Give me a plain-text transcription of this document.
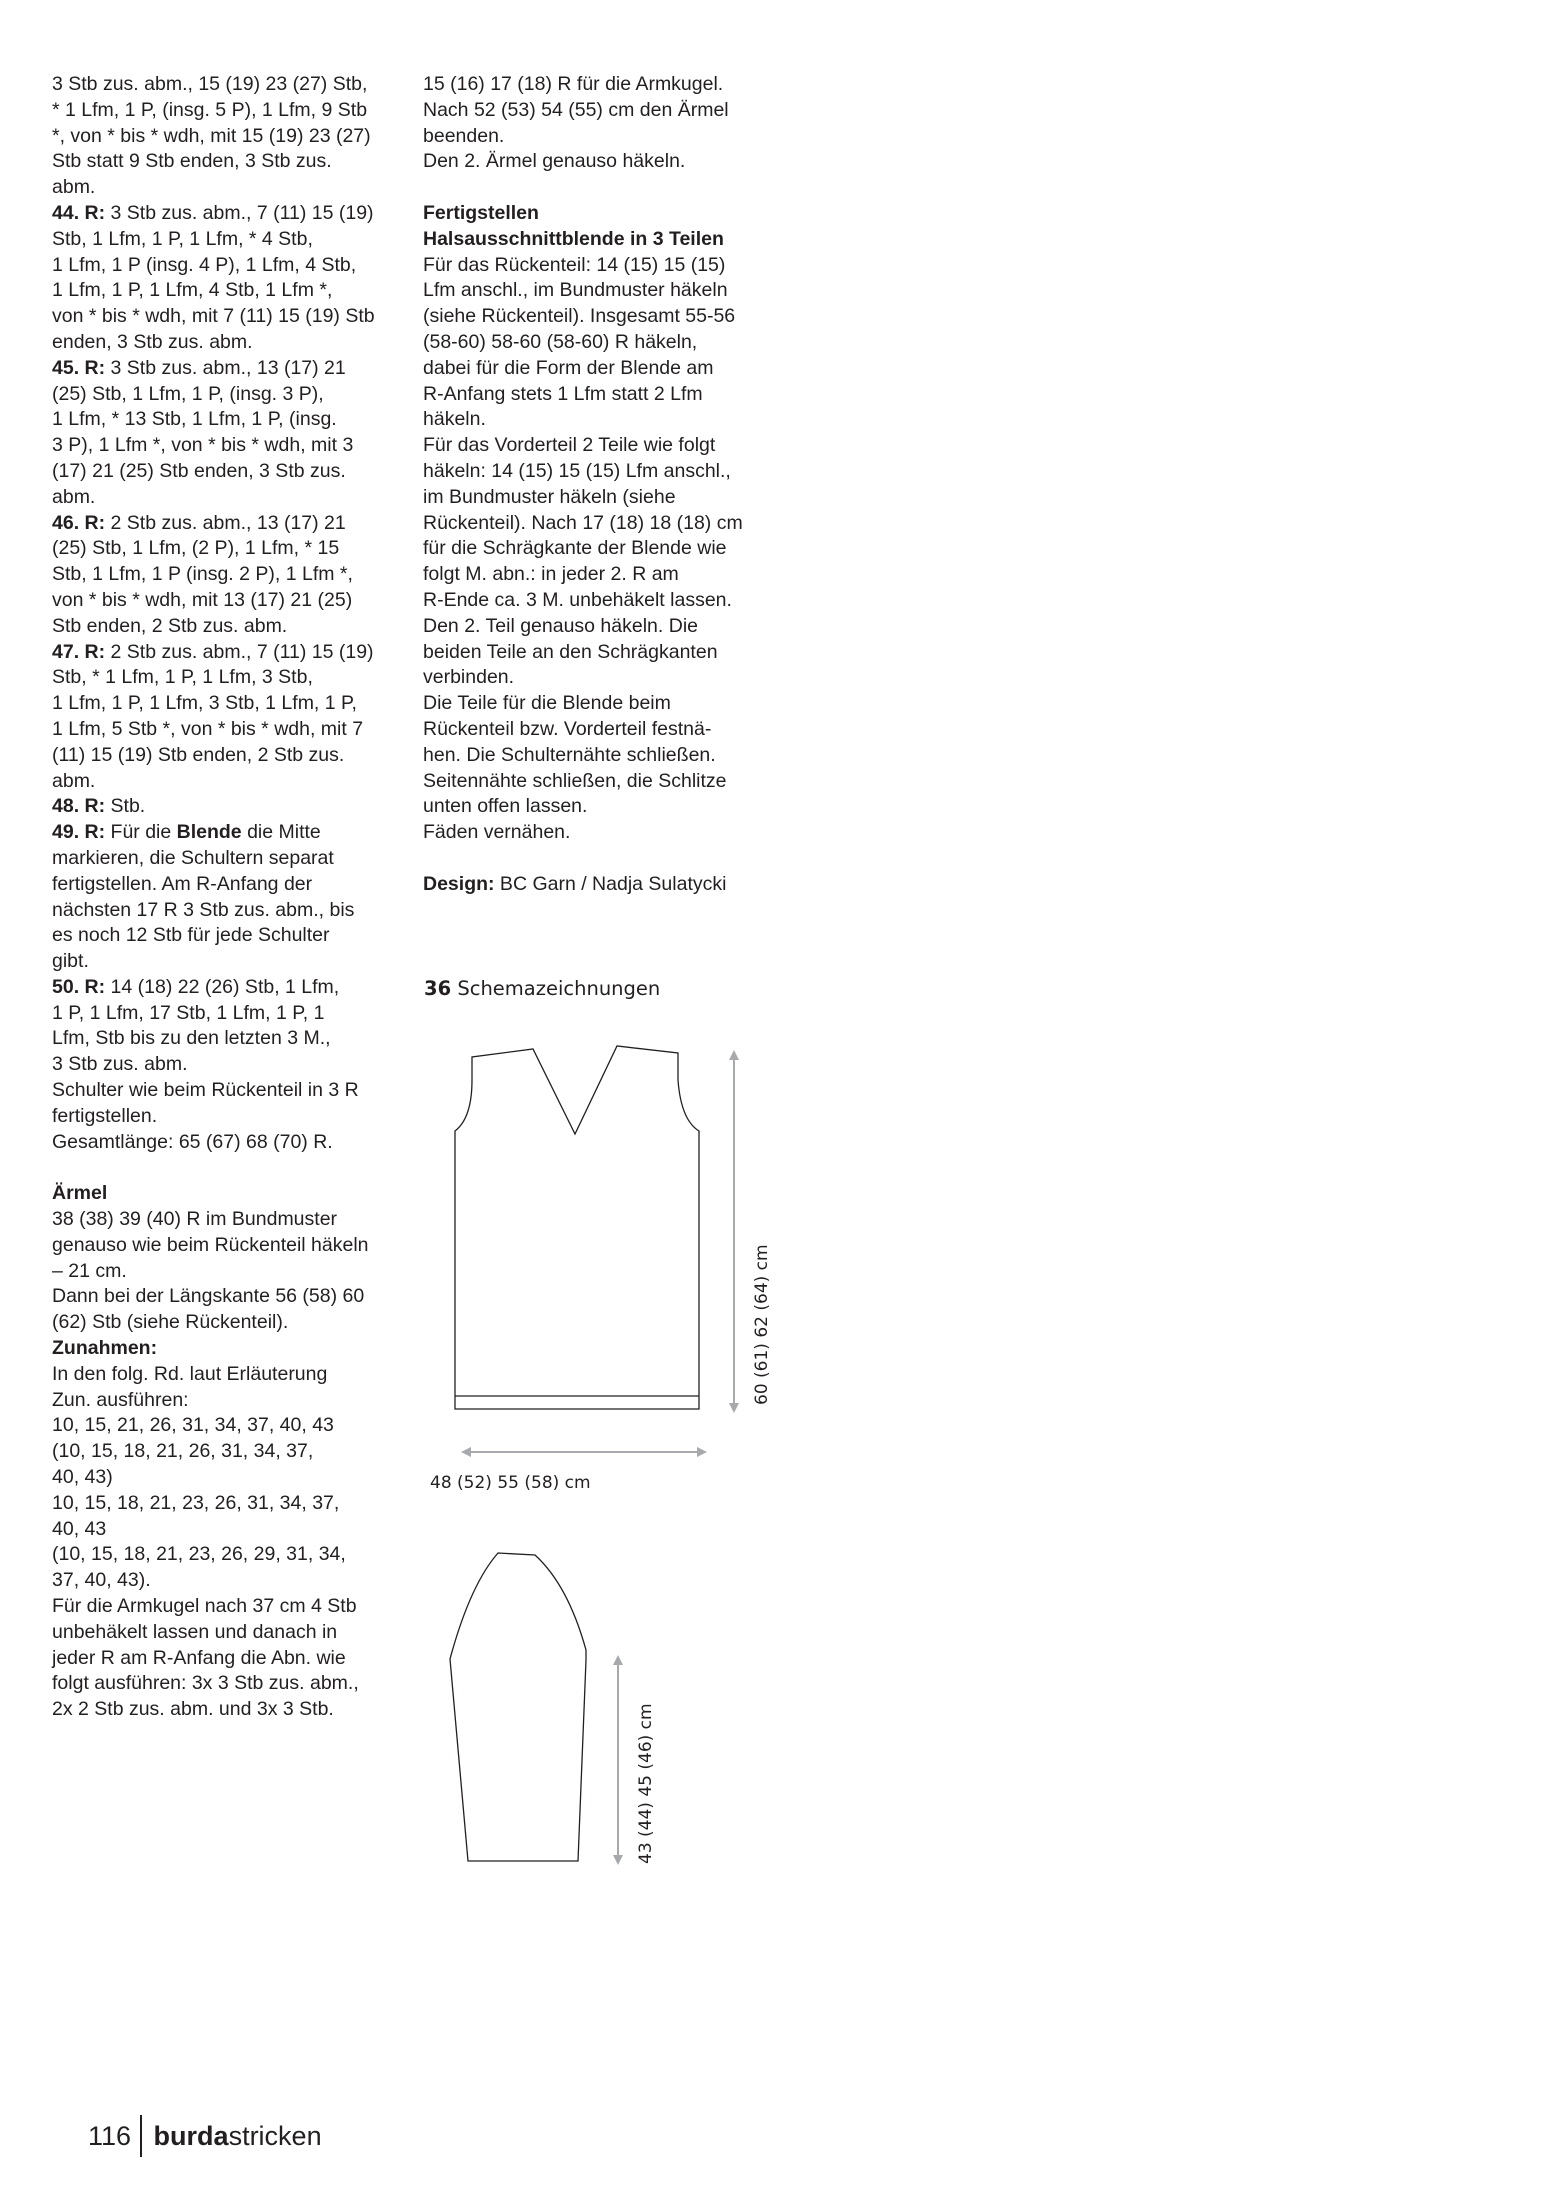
3 Stb zus. abm., 15 (19) 23 (27) Stb,

* 1 Lfm, 1 P, (insg. 5 P), 1 Lfm, 9 Stb

*, von * bis * wdh, mit 15 (19) 23 (27)

Stb statt 9 Stb enden, 3 Stb zus.

abm.

44. R: 3 Stb zus. abm., 7 (11) 15 (19)

Stb, 1 Lfm, 1 P, 1 Lfm, * 4 Stb,

1 Lfm, 1 P (insg. 4 P), 1 Lfm, 4 Stb,

1 Lfm, 1 P, 1 Lfm, 4 Stb, 1 Lfm *,

von * bis * wdh, mit 7 (11) 15 (19) Stb

enden, 3 Stb zus. abm.

45. R: 3 Stb zus. abm., 13 (17) 21

(25) Stb, 1 Lfm, 1 P, (insg. 3 P),

1 Lfm, * 13 Stb, 1 Lfm, 1 P, (insg.

3 P), 1 Lfm *, von * bis * wdh, mit 3

(17) 21 (25) Stb enden, 3 Stb zus.

abm.

46. R: 2 Stb zus. abm., 13 (17) 21

(25) Stb, 1 Lfm, (2 P), 1 Lfm, * 15

Stb, 1 Lfm, 1 P (insg. 2 P), 1 Lfm *,

von * bis * wdh, mit 13 (17) 21 (25)

Stb enden, 2 Stb zus. abm.

47. R: 2 Stb zus. abm., 7 (11) 15 (19)

Stb, * 1 Lfm, 1 P, 1 Lfm, 3 Stb,

1 Lfm, 1 P, 1 Lfm, 3 Stb, 1 Lfm, 1 P,

1 Lfm, 5 Stb *, von * bis * wdh, mit 7

(11) 15 (19) Stb enden, 2 Stb zus.

abm.

48. R: Stb.

49. R: Für die Blende die Mitte

markieren, die Schultern separat

fertigstellen. Am R-Anfang der

nächsten 17 R 3 Stb zus. abm., bis

es noch 12 Stb für jede Schulter

gibt.

50. R: 14 (18) 22 (26) Stb, 1 Lfm,

1 P, 1 Lfm, 17 Stb, 1 Lfm, 1 P, 1

Lfm, Stb bis zu den letzten 3 M.,

3 Stb zus. abm.

Schulter wie beim Rückenteil in 3 R

fertigstellen.

Gesamtlänge: 65 (67) 68 (70) R.

Ärmel

38 (38) 39 (40) R im Bundmuster

genauso wie beim Rückenteil häkeln

– 21 cm.

Dann bei der Längskante 56 (58) 60

(62) Stb (siehe Rückenteil).

Zunahmen:

In den folg. Rd. laut Erläuterung

Zun. ausführen:

10, 15, 21, 26, 31, 34, 37, 40, 43

(10, 15, 18, 21, 26, 31, 34, 37,

40, 43)

10, 15, 18, 21, 23, 26, 31, 34, 37,

40, 43

(10, 15, 18, 21, 23, 26, 29, 31, 34,

37, 40, 43).

Für die Armkugel nach 37 cm 4 Stb

unbehäkelt lassen und danach in

jeder R am R-Anfang die Abn. wie

folgt ausführen: 3x 3 Stb zus. abm.,

2x 2 Stb zus. abm. und 3x 3 Stb.

15 (16) 17 (18) R für die Armkugel.

Nach 52 (53) 54 (55) cm den Ärmel

beenden.

Den 2. Ärmel genauso häkeln.

Fertigstellen

Halsausschnittblende in 3 Teilen

Für das Rückenteil: 14 (15) 15 (15)

Lfm anschl., im Bundmuster häkeln

(siehe Rückenteil). Insgesamt 55-56

(58-60) 58-60 (58-60) R häkeln,

dabei für die Form der Blende am

R-Anfang stets 1 Lfm statt 2 Lfm

häkeln.

Für das Vorderteil 2 Teile wie folgt

häkeln: 14 (15) 15 (15) Lfm anschl.,

im Bundmuster häkeln (siehe

Rückenteil). Nach 17 (18) 18 (18) cm

für die Schrägkante der Blende wie

folgt M. abn.: in jeder 2. R am

R-Ende ca. 3 M. unbehäkelt lassen.

Den 2. Teil genauso häkeln. Die

beiden Teile an den Schrägkanten

verbinden.

Die Teile für die Blende beim

Rückenteil bzw. Vorderteil festnä-

hen. Die Schulternähte schließen.

Seitennähte schließen, die Schlitze

unten offen lassen.

Fäden vernähen.

Design: BC Garn / Nadja Sulatycki

36 Schemazeichnungen
60 (61) 62 (64) cm
48 (52) 55 (58) cm
43 (44) 45 (46) cm
116 burdastricken
